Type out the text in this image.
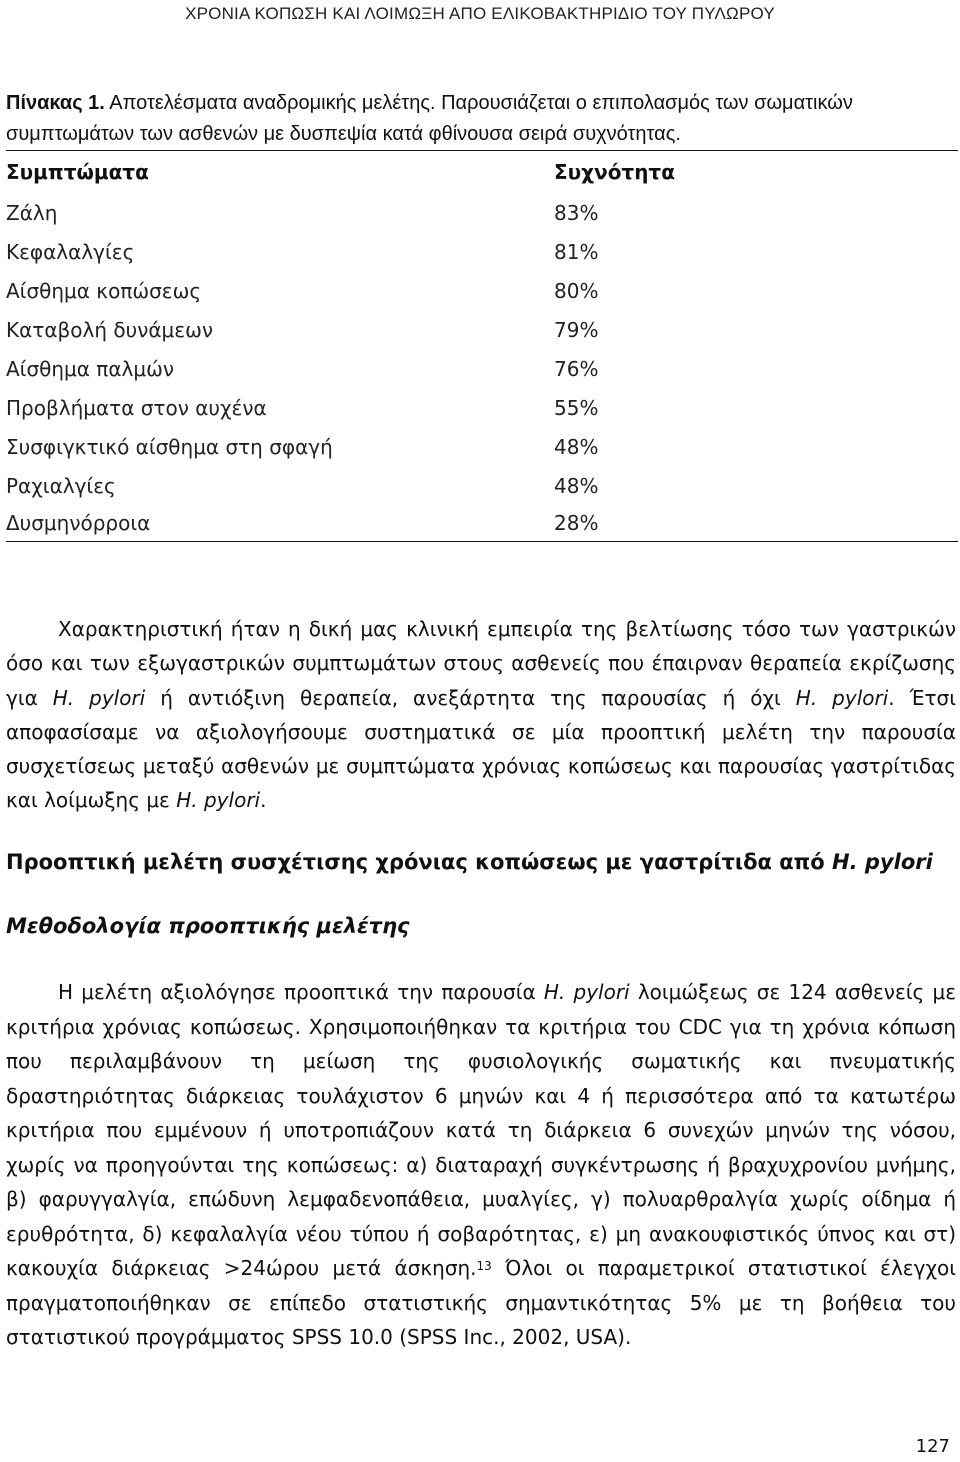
ΧΡΟΝΙΑ ΚΟΠΩΣΗ ΚΑΙ ΛΟΙΜΩΞΗ ΑΠΟ ΕΛΙΚΟΒΑΚΤΗΡΙΔΙΟ ΤΟΥ ΠΥΛΩΡΟΥ
Πίνακας 1. Αποτελέσματα αναδρομικής μελέτης. Παρουσιάζεται ο επιπολασμός των σωματικών συμπτωμάτων των ασθενών με δυσπεψία κατά φθίνουσα σειρά συχνότητας.
Συμπτώματα	Συχνότητα
Ζάλη	83%
Κεφαλαλγίες	81%
Αίσθημα κοπώσεως	80%
Καταβολή δυνάμεων	79%
Αίσθημα παλμών	76%
Προβλήματα στον αυχένα	55%
Συσφιγκτικό αίσθημα στη σφαγή	48%
Ραχιαλγίες	48%
Δυσμηνόρροια	28%

Χαρακτηριστική ήταν η δική μας κλινική εμπειρία της βελτίωσης τόσο των γαστρικών όσο και των εξωγαστρικών συμπτωμάτων στους ασθενείς που έπαιρναν θεραπεία εκρίζωσης για H. pylori ή αντιόξινη θεραπεία, ανεξάρτητα της παρουσίας ή όχι H. pylori. Έτσι αποφασίσαμε να αξιολογήσουμε συστηματικά σε μία προοπτική μελέτη την παρουσία συσχετίσεως μεταξύ ασθενών με συμπτώματα χρόνιας κοπώσεως και παρουσίας γαστρίτιδας και λοίμωξης με H. pylori.

Προοπτική μελέτη συσχέτισης χρόνιας κοπώσεως με γαστρίτιδα από H. pylori
Μεθοδολογία προοπτικής μελέτης

Η μελέτη αξιολόγησε προοπτικά την παρουσία H. pylori λοιμώξεως σε 124 ασθενείς με κριτήρια χρόνιας κοπώσεως. Χρησιμοποιήθηκαν τα κριτήρια του CDC για τη χρόνια κόπωση που περιλαμβάνουν τη μείωση της φυσιολογικής σωματικής και πνευματικής δραστηριότητας διάρκειας τουλάχιστον 6 μηνών και 4 ή περισσότερα από τα κατωτέρω κριτήρια που εμμένουν ή υποτροπιάζουν κατά τη διάρκεια 6 συνεχών μηνών της νόσου, χωρίς να προηγούνται της κοπώσεως: α) διαταραχή συγκέντρωσης ή βραχυχρονίου μνήμης, β) φαρυγγαλγία, επώδυνη λεμφαδενοπάθεια, μυαλγίες, γ) πολυαρθραλγία χωρίς οίδημα ή ερυθρότητα, δ) κεφαλαλγία νέου τύπου ή σοβαρότητας, ε) μη ανακουφιστικός ύπνος και στ) κακουχία διάρκειας >24ώρου μετά άσκηση.$^{13}$ Όλοι οι παραμετρικοί στατιστικοί έλεγχοι πραγματοποιήθηκαν σε επίπεδο στατιστικής σημαντικότητας 5% με τη βοήθεια του στατιστικού προγράμματος SPSS 10.0 (SPSS Inc., 2002, USA).

127
